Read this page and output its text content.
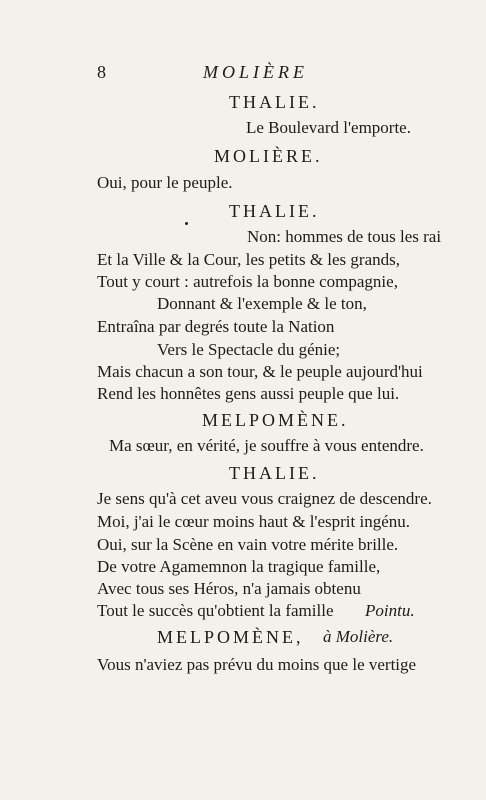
8	MOLIÈRE
THALIE.
Le Boulevard l'emporte.
MOLIÈRE.
Oui, pour le peuple.
THALIE.
Non: hommes de tous les rai
Et la Ville & la Cour, les petits & les grands,
Tout y court : autrefois la bonne compagnie,
Donnant & l'exemple & le ton,
Entraîna par degrés toute la Nation
Vers le Spectacle du génie;
Mais chacun a son tour, & le peuple aujourd'hui
Rend les honnêtes gens aussi peuple que lui.
MELPOMÈNE.
Ma sœur, en vérité, je souffre à vous entendre.
THALIE.
Je sens qu'à cet aveu vous craignez de descendre.
Moi, j'ai le cœur moins haut & l'esprit ingénu.
Oui, sur la Scène en vain votre mérite brille.
De votre Agamemnon la tragique famille,
Avec tous ses Héros, n'a jamais obtenu
Tout le succès qu'obtient la famille Pointu.
MELPOMÈNE, à Molière.
Vous n'aviez pas prévu du moins que le vertige
